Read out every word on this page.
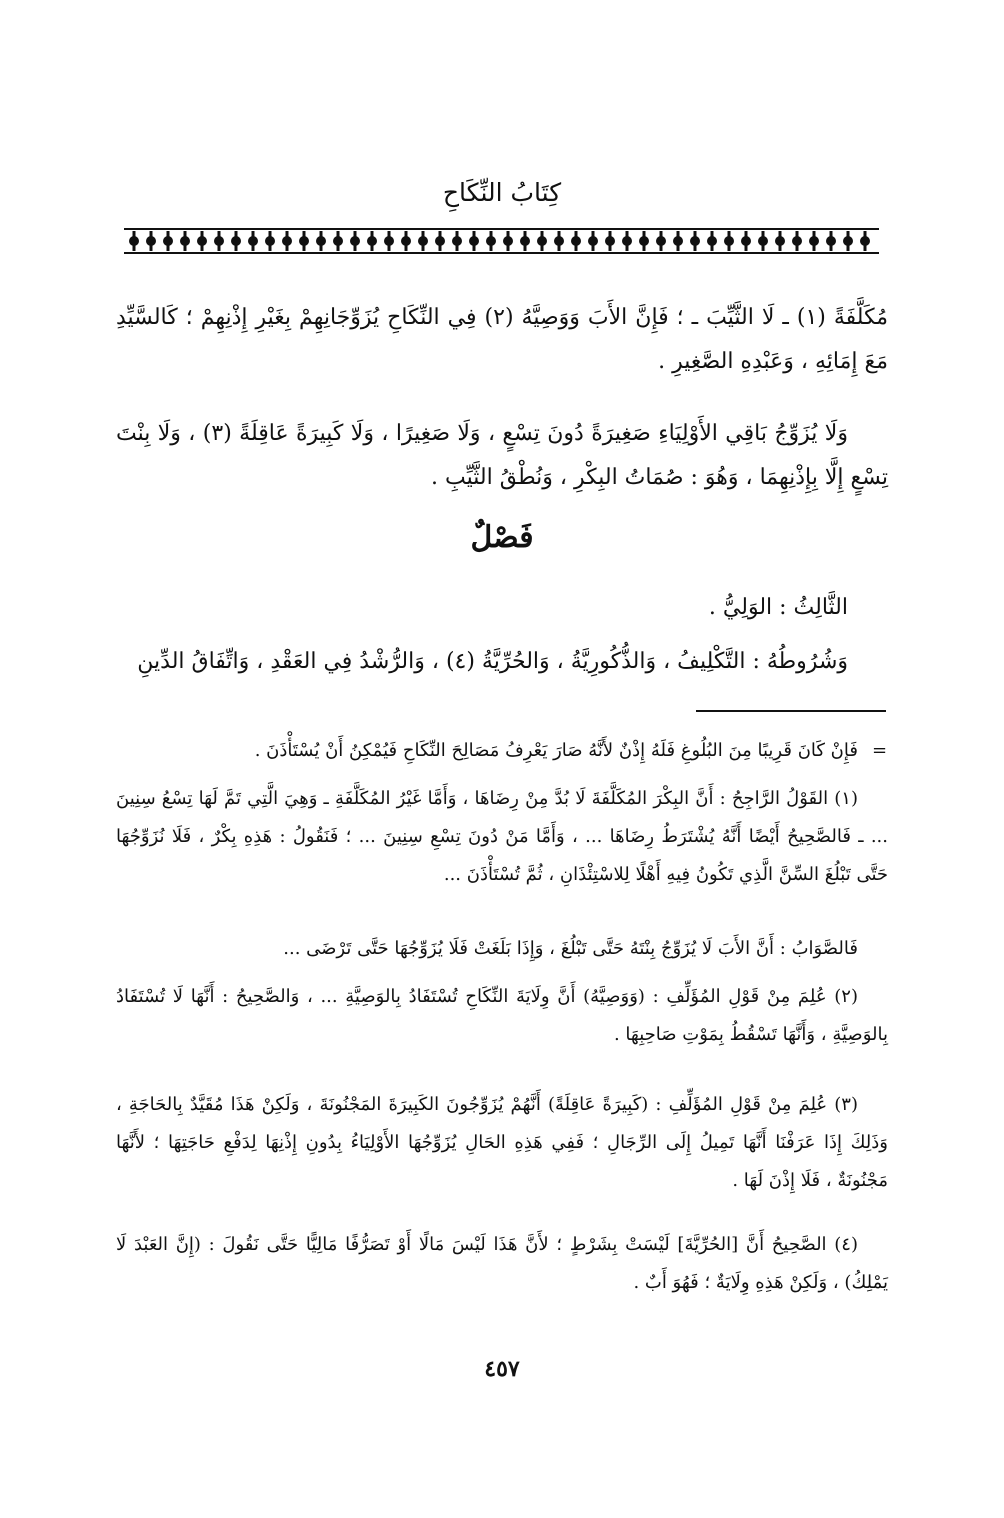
كِتَابُ النِّكَاحِ
مُكَلَّفَةً (١) ـ لَا الثَّيِّبَ ـ ؛ فَإِنَّ الأَبَ وَوَصِيَّهُ (٢) فِي النِّكَاحِ يُزَوِّجَانِهِمْ بِغَيْرِ إِذْنِهِمْ ؛ كَالسَّيِّدِ مَعَ إِمَائِهِ ، وَعَبْدِهِ الصَّغِيرِ .
وَلَا يُزَوِّجُ بَاقِي الأَوْلِيَاءِ صَغِيرَةً دُونَ تِسْعٍ ، وَلَا صَغِيرًا ، وَلَا كَبِيرَةً عَاقِلَةً (٣) ، وَلَا بِنْتَ تِسْعٍ إِلَّا بِإِذْنِهِمَا ، وَهُوَ : صُمَاتُ البِكْرِ ، وَنُطْقُ الثَّيِّبِ .
فَصْلٌ
الثَّالِثُ : الوَلِيُّ .
وَشُرُوطُهُ : التَّكْلِيفُ ، وَالذُّكُورِيَّةُ ، وَالحُرِّيَّةُ (٤) ، وَالرُّشْدُ فِي العَقْدِ ، وَاتِّفَاقُ الدِّينِ
=
فَإِنْ كَانَ قَرِيبًا مِنَ البُلُوغِ فَلَهُ إِذْنٌ لأَنَّهُ صَارَ يَعْرِفُ مَصَالِحَ النِّكَاحِ فَيُمْكِنُ أَنْ يُسْتَأْذَنَ .
(١) القَوْلُ الرَّاجِحُ : أَنَّ البِكْرَ المُكَلَّفَةَ لَا بُدَّ مِنْ رِضَاهَا ، وَأَمَّا غَيْرُ المُكَلَّفَةِ ـ وَهِيَ الَّتِي تَمَّ لَهَا تِسْعُ سِنِينَ ... ـ فَالصَّحِيحُ أَيْضًا أَنَّهُ يُشْتَرَطُ رِضَاهَا ... ، وَأَمَّا مَنْ دُونَ تِسْعِ سِنِينَ ... ؛ فَنَقُولُ : هَذِهِ بِكْرٌ ، فَلَا نُزَوِّجُهَا حَتَّى تَبْلُغَ السِّنَّ الَّذِي تَكُونُ فِيهِ أَهْلًا لِلاسْتِئْذَانِ ، ثُمَّ تُسْتَأْذَنَ ...
فَالصَّوَابُ : أَنَّ الأَبَ لَا يُزَوِّجُ بِنْتَهُ حَتَّى تَبْلُغَ ، وَإِذَا بَلَغَتْ فَلَا يُزَوِّجُهَا حَتَّى تَرْضَى ...
(٢) عُلِمَ مِنْ قَوْلِ المُؤَلِّفِ : (وَوَصِيَّهُ) أَنَّ وِلَايَةَ النِّكَاحِ تُسْتَفَادُ بِالوَصِيَّةِ ... ، وَالصَّحِيحُ : أَنَّهَا لَا تُسْتَفَادُ بِالوَصِيَّةِ ، وَأَنَّهَا تَسْقُطُ بِمَوْتِ صَاحِبِهَا .
(٣) عُلِمَ مِنْ قَوْلِ المُؤَلِّفِ : (كَبِيرَةً عَاقِلَةً) أَنَّهُمْ يُزَوِّجُونَ الكَبِيرَةَ المَجْنُونَةَ ، وَلَكِنْ هَذَا مُقَيَّدٌ بِالحَاجَةِ ، وَذَلِكَ إِذَا عَرَفْنَا أَنَّهَا تَمِيلُ إِلَى الرِّجَالِ ؛ فَفِي هَذِهِ الحَالِ يُزَوِّجُهَا الأَوْلِيَاءُ بِدُونِ إِذْنِهَا لِدَفْعِ حَاجَتِهَا ؛ لأَنَّهَا مَجْنُونَةٌ ، فَلَا إِذْنَ لَهَا .
(٤) الصَّحِيحُ أَنَّ [الحُرِّيَّةَ] لَيْسَتْ بِشَرْطٍ ؛ لأَنَّ هَذَا لَيْسَ مَالًا أَوْ تَصَرُّفًا مَالِيًّا حَتَّى نَقُولَ : (إِنَّ العَبْدَ لَا يَمْلِكُ) ، وَلَكِنْ هَذِهِ وِلَايَةٌ ؛ فَهُوَ أَبٌ .
٤٥٧
